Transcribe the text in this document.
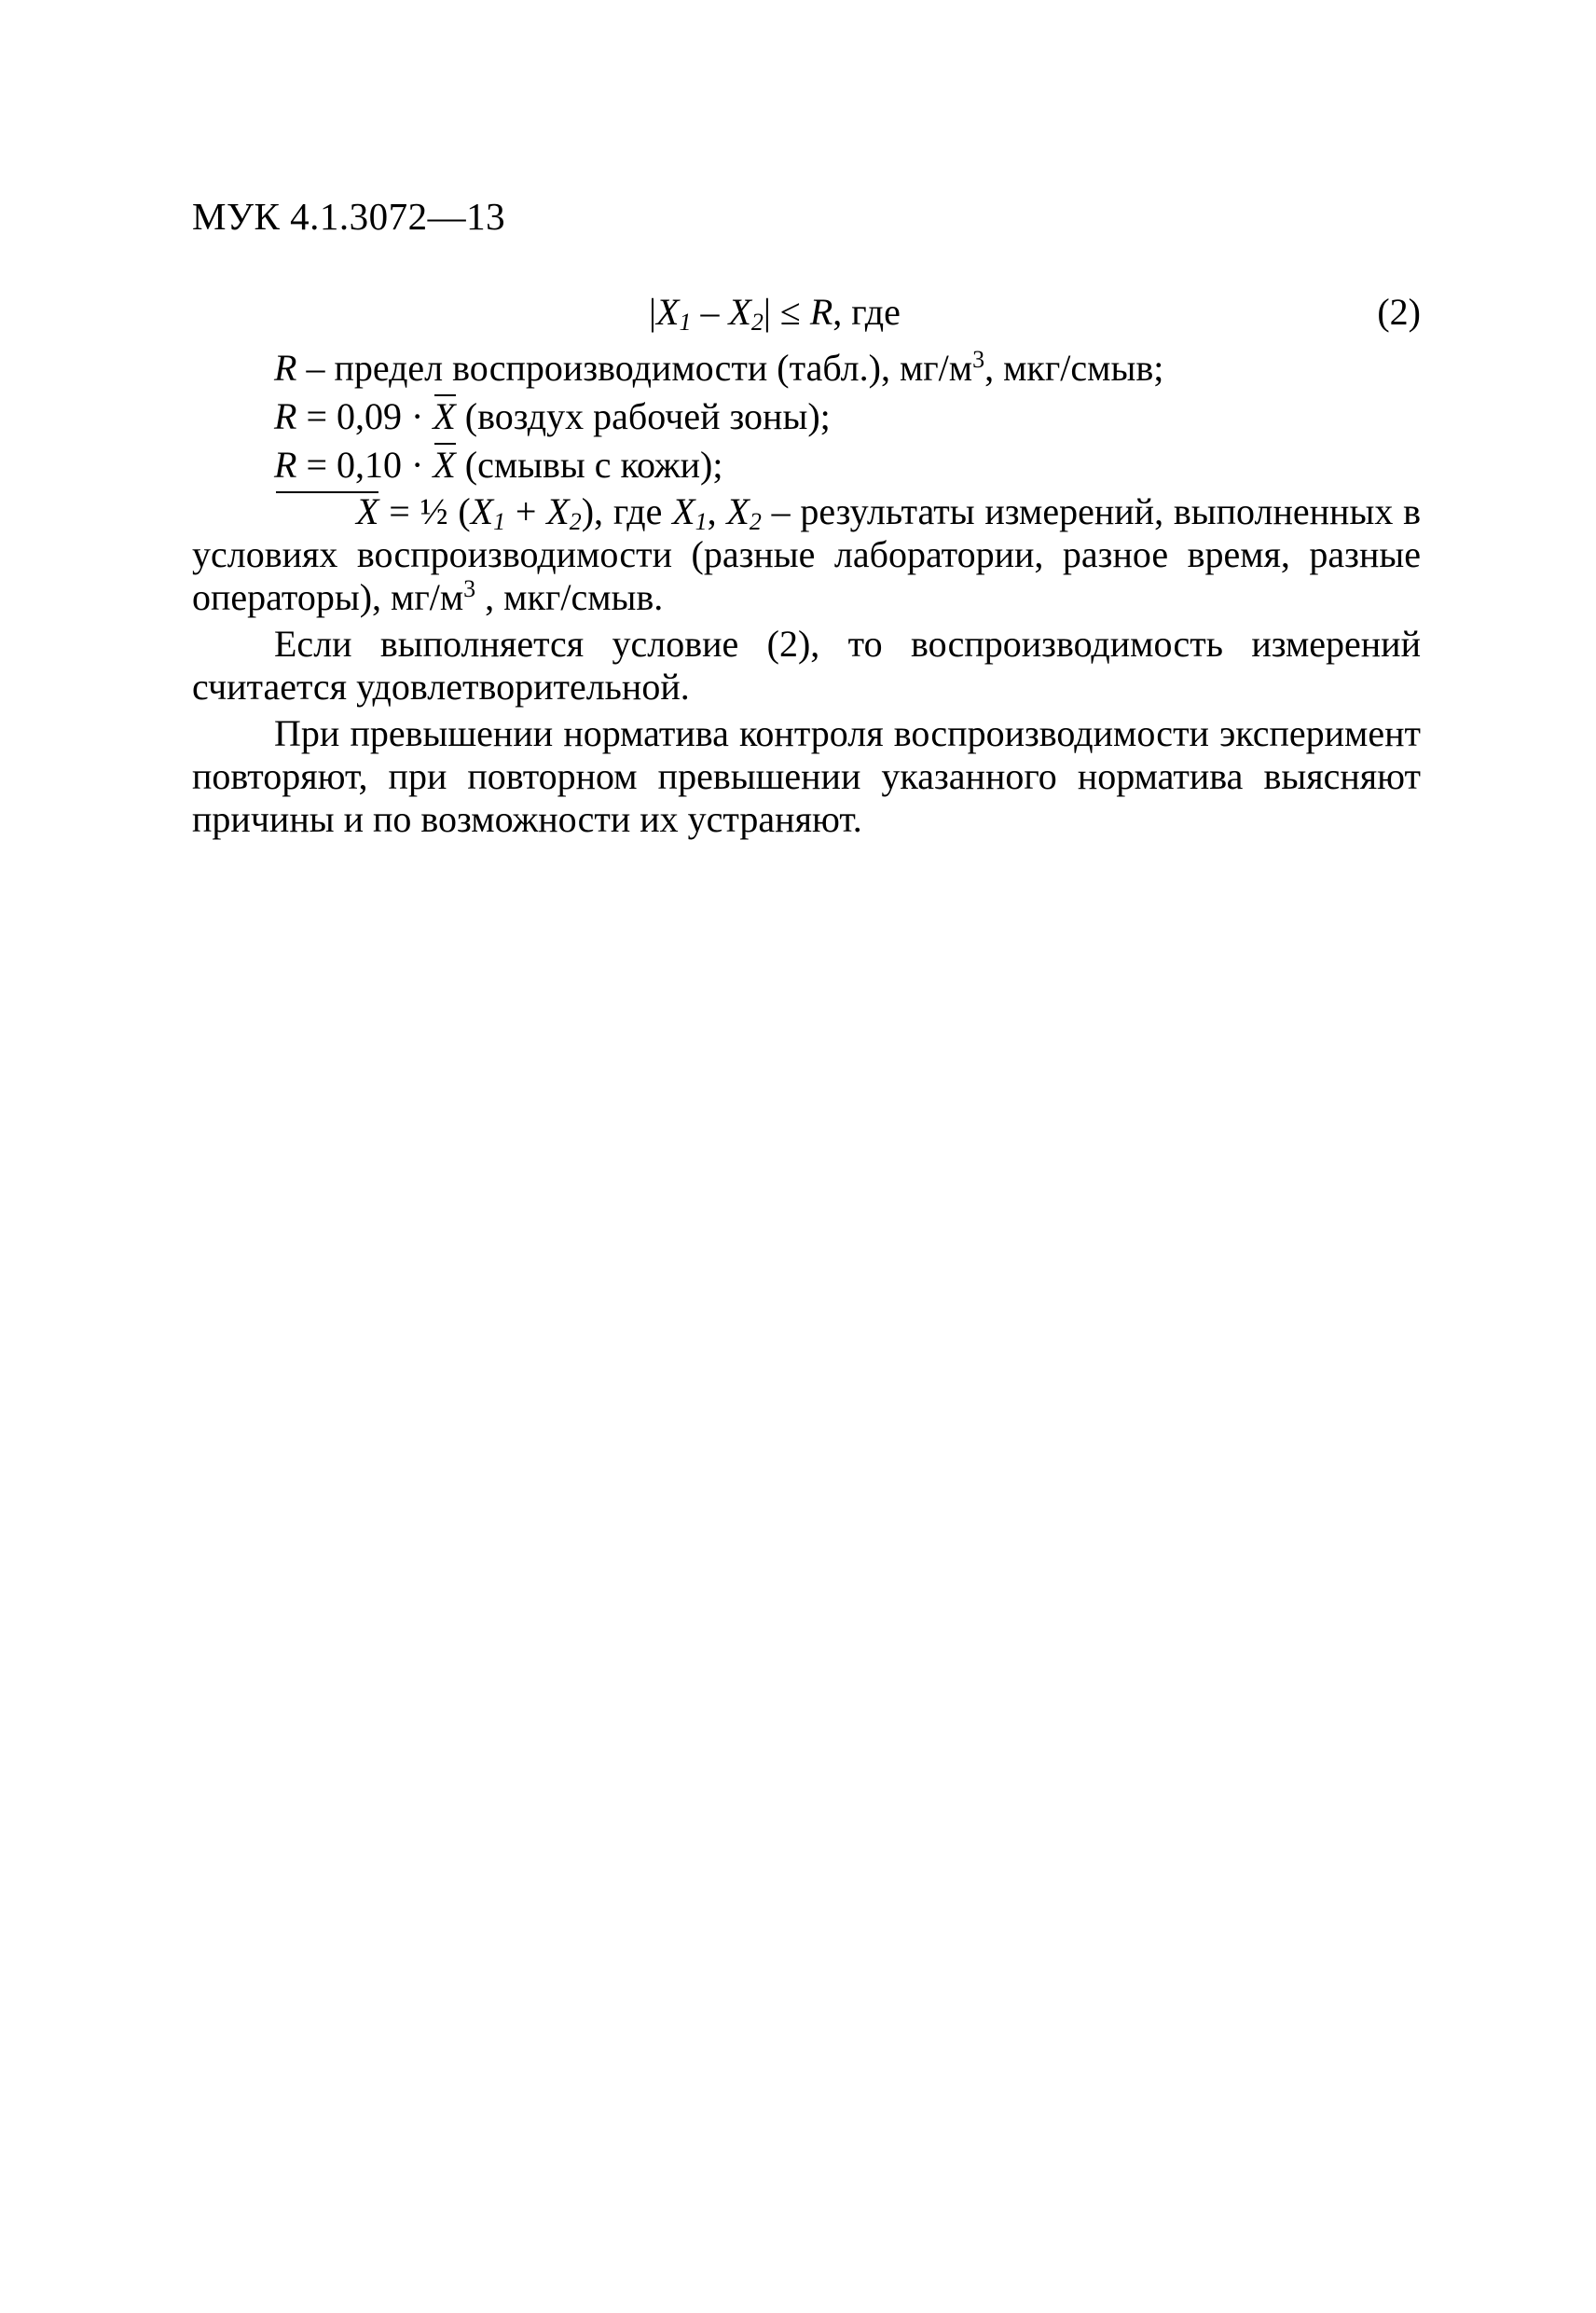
МУК 4.1.3072—13
$|X_1 - X_2| \le R$, где	(2)
R – предел воспроизводимости (табл.), $мг/м^3$, мкг/смыв;
R = 0,09 · X (воздух рабочей зоны);
R = 0,10 · X (смывы с кожи);

X = ½ $(X_1 + X_2)$, где $X_1$, $X_2$ – результаты измерений, выполненных в условиях воспроизводимости (разные лаборатории, разное время, разные операторы), $мг/м^3$ , мкг/смыв.

Если выполняется условие (2), то воспроизводимость измерений считается удовлетворительной.

При превышении норматива контроля воспроизводимости эксперимент повторяют, при повторном превышении указанного норматива выясняют причины и по возможности их устраняют.
